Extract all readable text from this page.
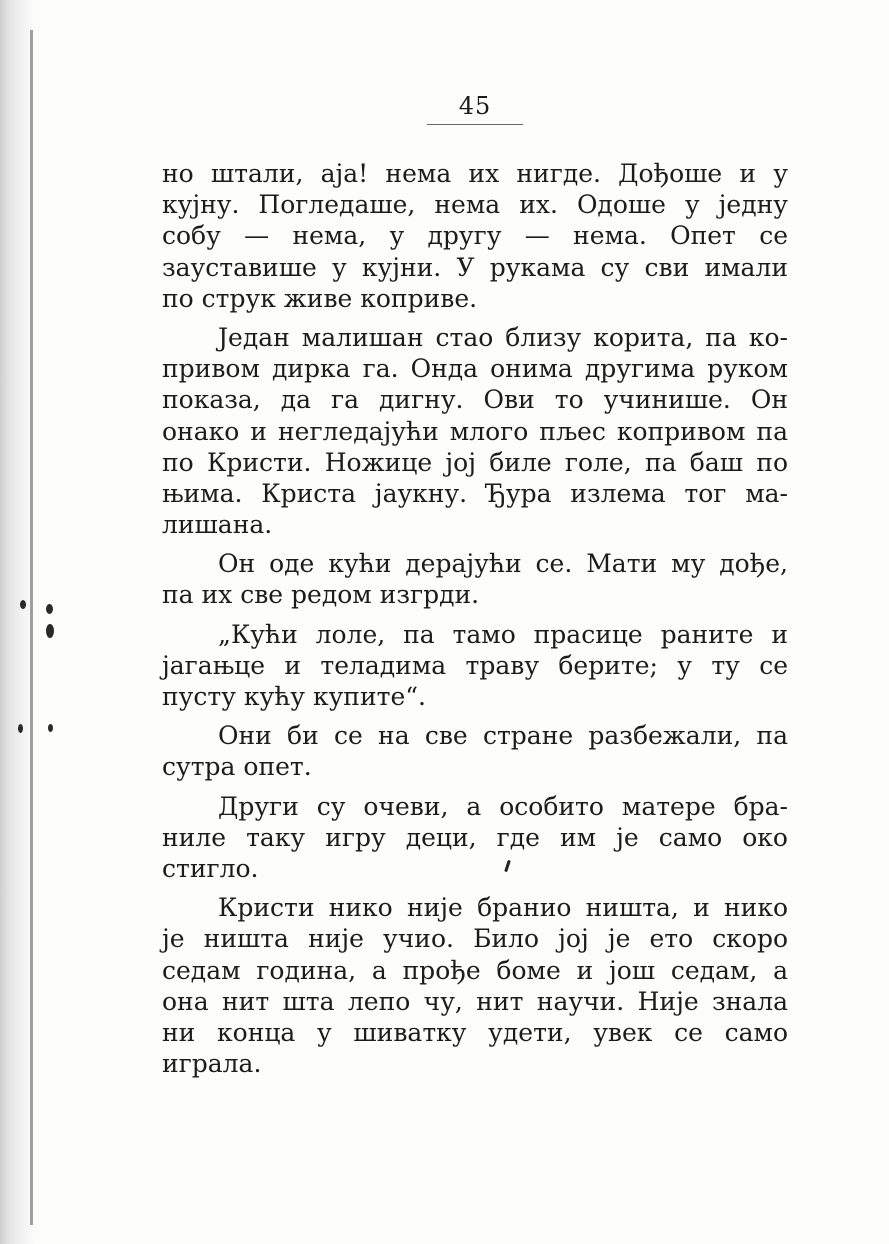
45
но штали, аја! нема их нигде. Дођоше и у
кујну. Погледаше, нема их. Одоше у једну
собу — нема, у другу — нема. Опет се
зауставише у кујни. У рукама су сви имали
по струк живе коприве.
Један малишан стао близу корита, па ко-
привом дирка га. Онда онима другима руком
показа, да га дигну. Ови то учинише. Он
онако и негледајући млого пљес копривом па
по Кристи. Ножице јој биле голе, па баш по
њима. Криста јаукну. Ђура излема тог ма-
лишана.
Он оде кући дерајући се. Мати му дође,
па их све редом изгрди.
„Кући лоле, па тамо прасице раните и
јагањце и теладима траву берите; у ту се
пусту кућу купите“.
Они би се на све стране разбежали, па
сутра опет.
Други су очеви, а особито матере бра-
ниле таку игру деци, где им је само око
стигло.
Кристи нико није бранио ништа, и нико
је ништа није учио. Било јој је ето скоро
седам година, а прође боме и још седам, а
она нит шта лепо чу, нит научи. Није знала
ни конца у шиватку удети, увек се само
играла.
